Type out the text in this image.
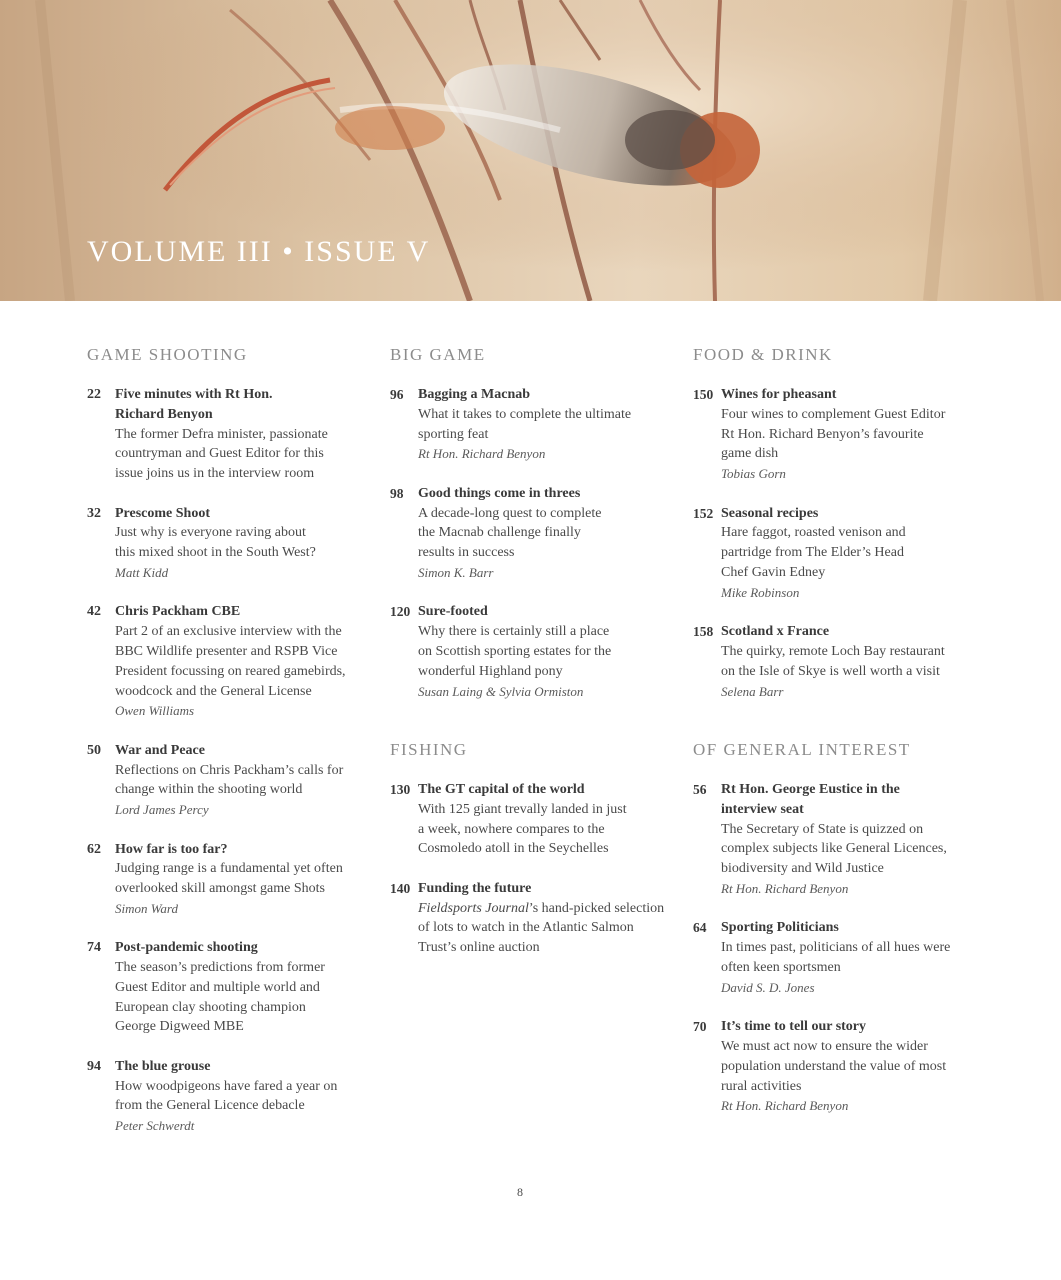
VOLUME III • ISSUE V
GAME SHOOTING
22 Five minutes with Rt Hon.
Richard Benyon
The former Defra minister, passionate
countryman and Guest Editor for this
issue joins us in the interview room
32 Prescome Shoot
Just why is everyone raving about
this mixed shoot in the South West?
Matt Kidd
42 Chris Packham CBE
Part 2 of an exclusive interview with the
BBC Wildlife presenter and RSPB Vice
President focussing on reared gamebirds,
woodcock and the General License
Owen Williams
50 War and Peace
Reflections on Chris Packham’s calls for
change within the shooting world
Lord James Percy
62 How far is too far?
Judging range is a fundamental yet often
overlooked skill amongst game Shots
Simon Ward
74 Post-pandemic shooting
The season’s predictions from former
Guest Editor and multiple world and
European clay shooting champion
George Digweed MBE
94 The blue grouse
How woodpigeons have fared a year on
from the General Licence debacle
Peter Schwerdt
BIG GAME
96 Bagging a Macnab
What it takes to complete the ultimate
sporting feat
Rt Hon. Richard Benyon
98 Good things come in threes
A decade-long quest to complete
the Macnab challenge finally
results in success
Simon K. Barr
120 Sure-footed
Why there is certainly still a place
on Scottish sporting estates for the
wonderful Highland pony
Susan Laing & Sylvia Ormiston
FISHING
130 The GT capital of the world
With 125 giant trevally landed in just
a week, nowhere compares to the
Cosmoledo atoll in the Seychelles
140 Funding the future
Fieldsports Journal’s hand-picked selection
of lots to watch in the Atlantic Salmon
Trust’s online auction
FOOD & DRINK
150 Wines for pheasant
Four wines to complement Guest Editor
Rt Hon. Richard Benyon’s favourite
game dish
Tobias Gorn
152 Seasonal recipes
Hare faggot, roasted venison and
partridge from The Elder’s Head
Chef Gavin Edney
Mike Robinson
158 Scotland x France
The quirky, remote Loch Bay restaurant
on the Isle of Skye is well worth a visit
Selena Barr
OF GENERAL INTEREST
56 Rt Hon. George Eustice in the
interview seat
The Secretary of State is quizzed on
complex subjects like General Licences,
biodiversity and Wild Justice
Rt Hon. Richard Benyon
64 Sporting Politicians
In times past, politicians of all hues were
often keen sportsmen
David S. D. Jones
70 It’s time to tell our story
We must act now to ensure the wider
population understand the value of most
rural activities
Rt Hon. Richard Benyon
8
